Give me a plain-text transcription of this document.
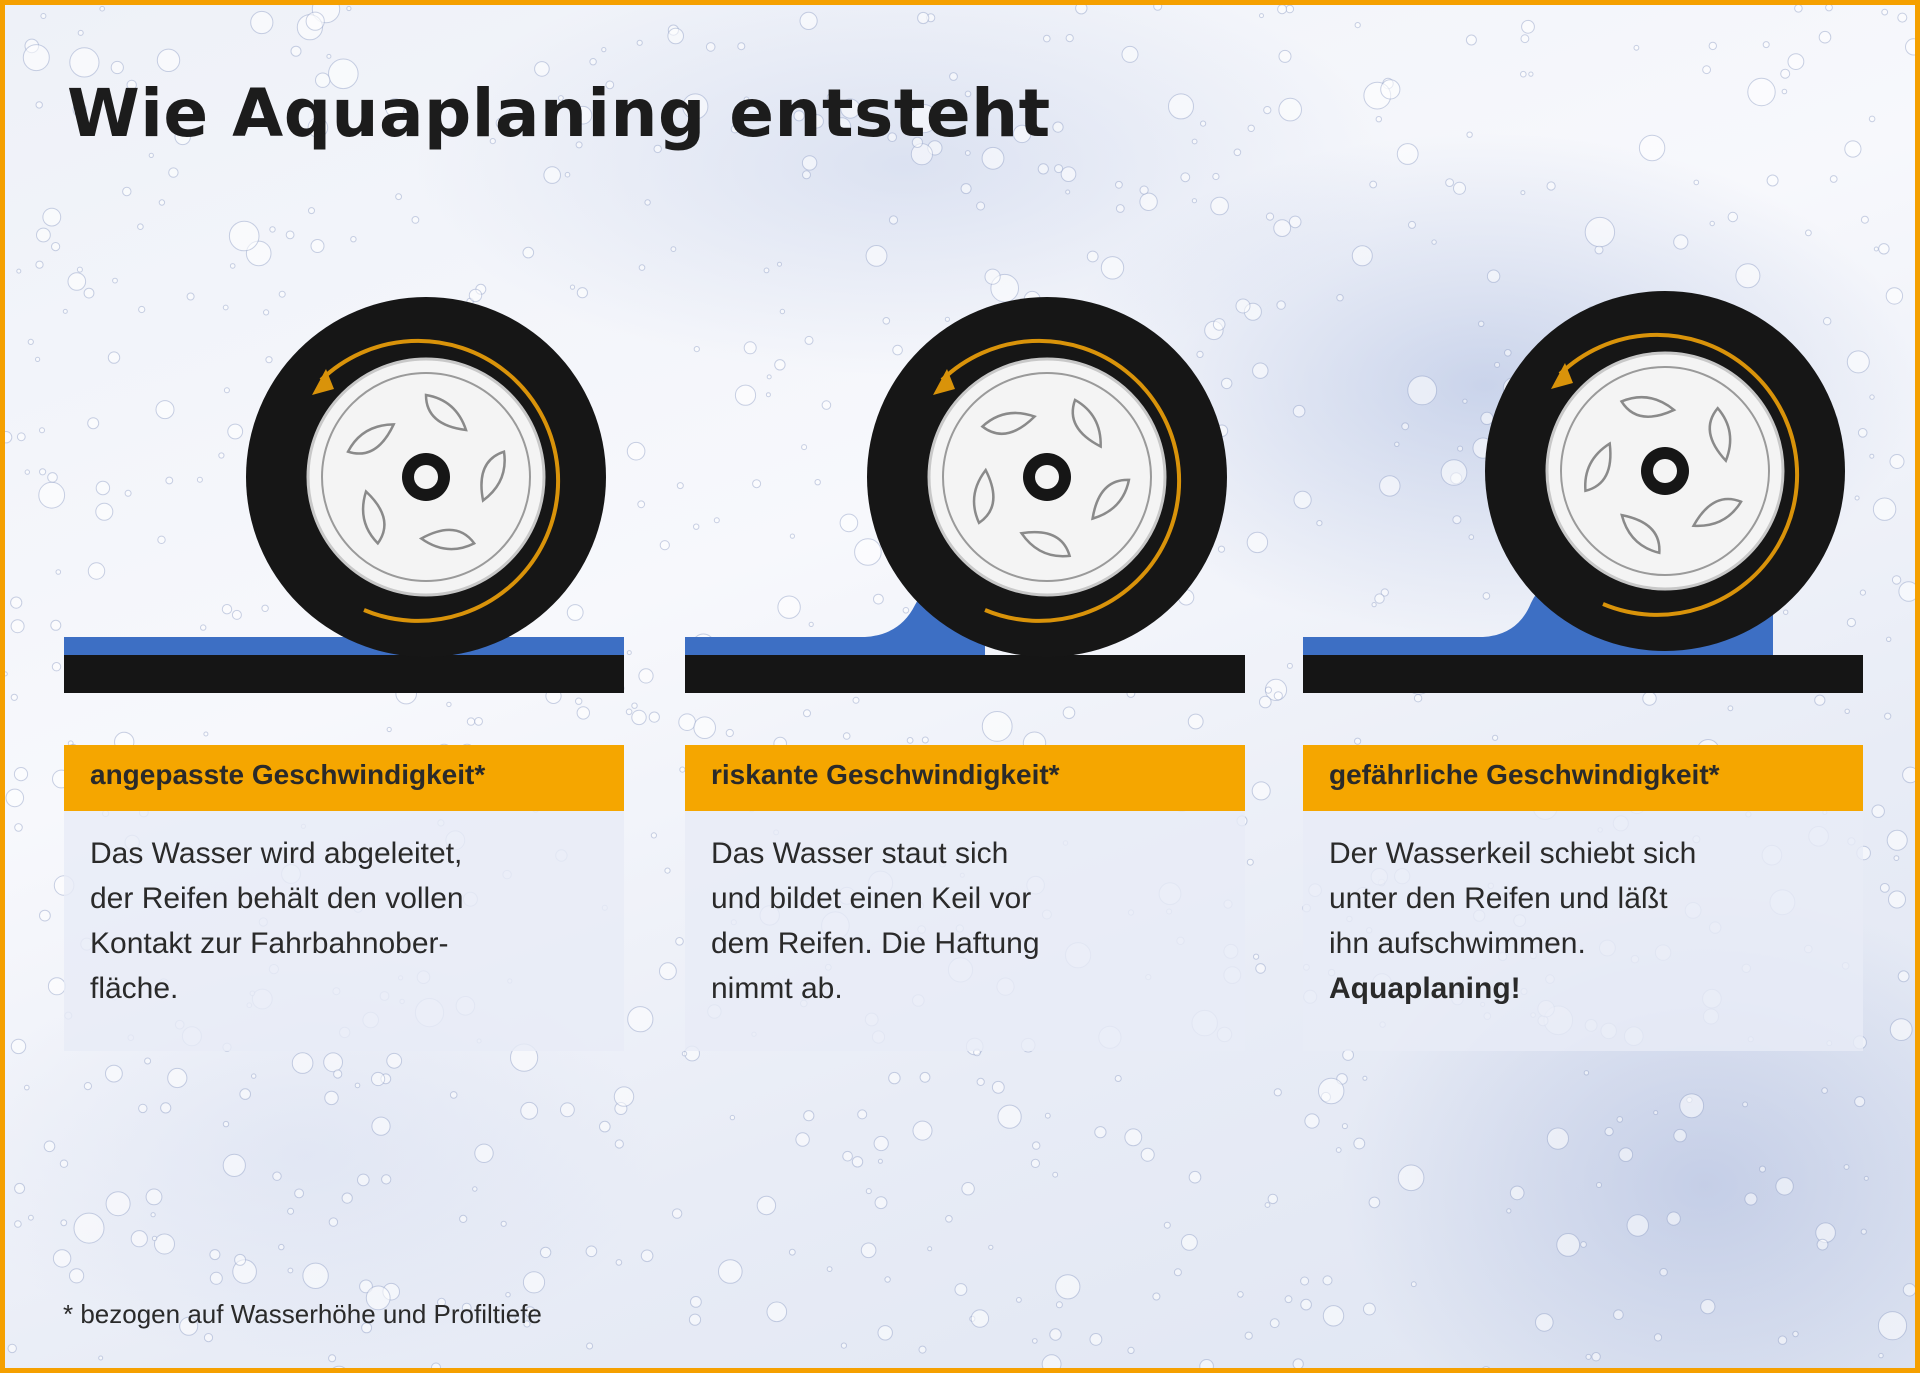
Wie Aquaplaning entsteht
angepasste Geschwindigkeit*
Das Wasser wird abgeleitet,
der Reifen behält den vollen
Kontakt zur Fahrbahnober-
fläche.
riskante Geschwindigkeit*
Das Wasser staut sich
und bildet einen Keil vor
dem Reifen. Die Haftung
nimmt ab.
gefährliche Geschwindigkeit*
Der Wasserkeil schiebt sich
unter den Reifen und läßt
ihn aufschwimmen.
Aquaplaning!

* bezogen auf Wasserhöhe und Profiltiefe
